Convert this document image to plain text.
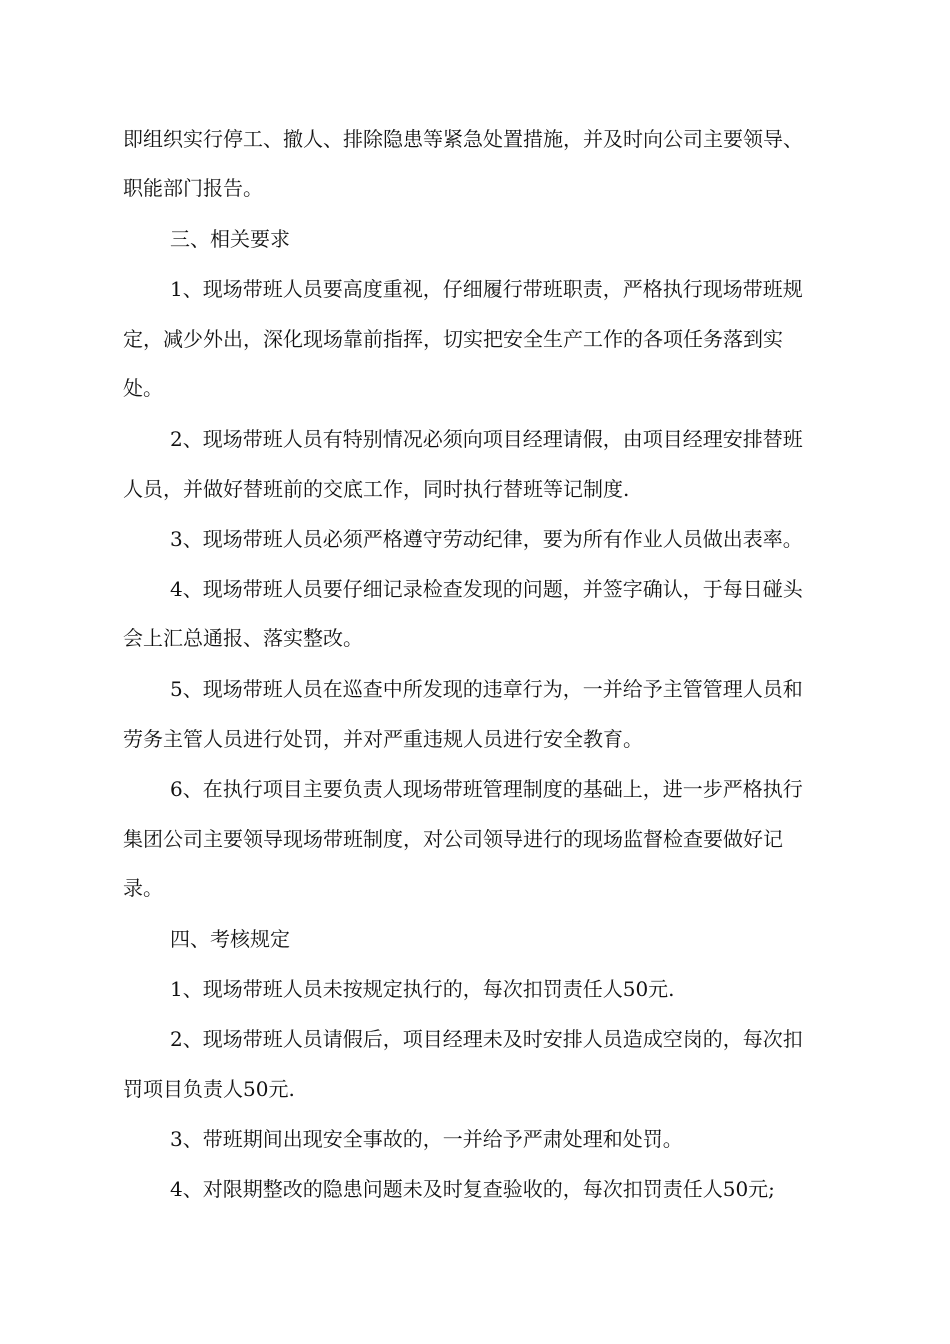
即组织实行停工、撤人、排除隐患等紧急处置措施，并及时向公司主要领导、
职能部门报告。
三、相关要求
1、现场带班人员要高度重视，仔细履行带班职责，严格执行现场带班规
定，减少外出，深化现场靠前指挥，切实把安全生产工作的各项任务落到实
处。
2、现场带班人员有特别情况必须向项目经理请假，由项目经理安排替班
人员，并做好替班前的交底工作，同时执行替班等记制度.
3、现场带班人员必须严格遵守劳动纪律，要为所有作业人员做出表率。
4、现场带班人员要仔细记录检查发现的问题，并签字确认，于每日碰头
会上汇总通报、落实整改。
5、现场带班人员在巡查中所发现的违章行为，一并给予主管管理人员和
劳务主管人员进行处罚，并对严重违规人员进行安全教育。
6、在执行项目主要负责人现场带班管理制度的基础上，进一步严格执行
集团公司主要领导现场带班制度，对公司领导进行的现场监督检查要做好记
录。
四、考核规定
1、现场带班人员未按规定执行的，每次扣罚责任人50元.
2、现场带班人员请假后，项目经理未及时安排人员造成空岗的，每次扣
罚项目负责人50元.
3、带班期间出现安全事故的，一并给予严肃处理和处罚。
4、对限期整改的隐患问题未及时复查验收的，每次扣罚责任人50元;
